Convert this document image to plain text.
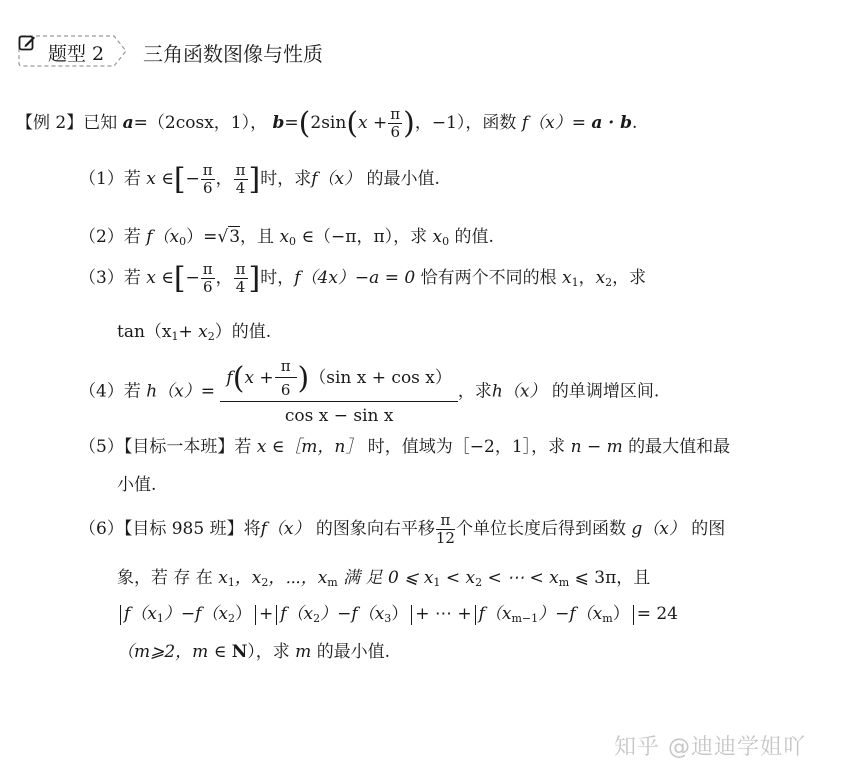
题型 2 三角函数图像与性质
【例 2】已知 a=（2cosx，1）， $b=(2\sin(x + \frac{\pi}{6}$ )，−1），函数 f（x）= a · b.
（1）若 x ∈[− $\frac{\pi}{6}$ ， $\frac{\pi}{4}$ ]时，求f（x） 的最小值.
（2）若 $f(x_0)=√3$，且 $x_0$ ∈（−π，π），求 $x_0$ 的值.
（3）若 x ∈[− $\frac{\pi}{6}$ ， $\frac{\pi}{4}$ ]时，f（4x）−a = 0 恰有两个不同的根 $x_1$，$x_2$，求
$\tan(x_1+ x_2)$的值.
（4）若 $h(x)= \frac{f(x + \frac{\pi}{6} )(\sin x + \cos x)}{\text{cos x − sin x}}$ ，求h（x） 的单调增区间.
（5）【目标一本班】若 x ∈［m，n］ 时，值域为［−2，1］，求 n − m 的最大值和最
小值.
（6）【目标 985 班】将f（x） 的图象向右平移 $\frac{\pi}{12}$ 个单位长度后得到函数 g（x） 的图
象，若 存 在 $x_1$，$x_2$，⋯，$x_m$ 满 足 0 ⩽ $x_1 < x_2$ < ⋯ < $x_m$ ⩽ 3π，且
$f(x_1)-f(x_2) + f(x_2)-f(x_3)$ + ⋯ + $f(x_{m-1})-f(x_m) = 24$
（m⩾2，m ∈ N），求 m 的最小值.
知乎 @迪迪学姐吖
